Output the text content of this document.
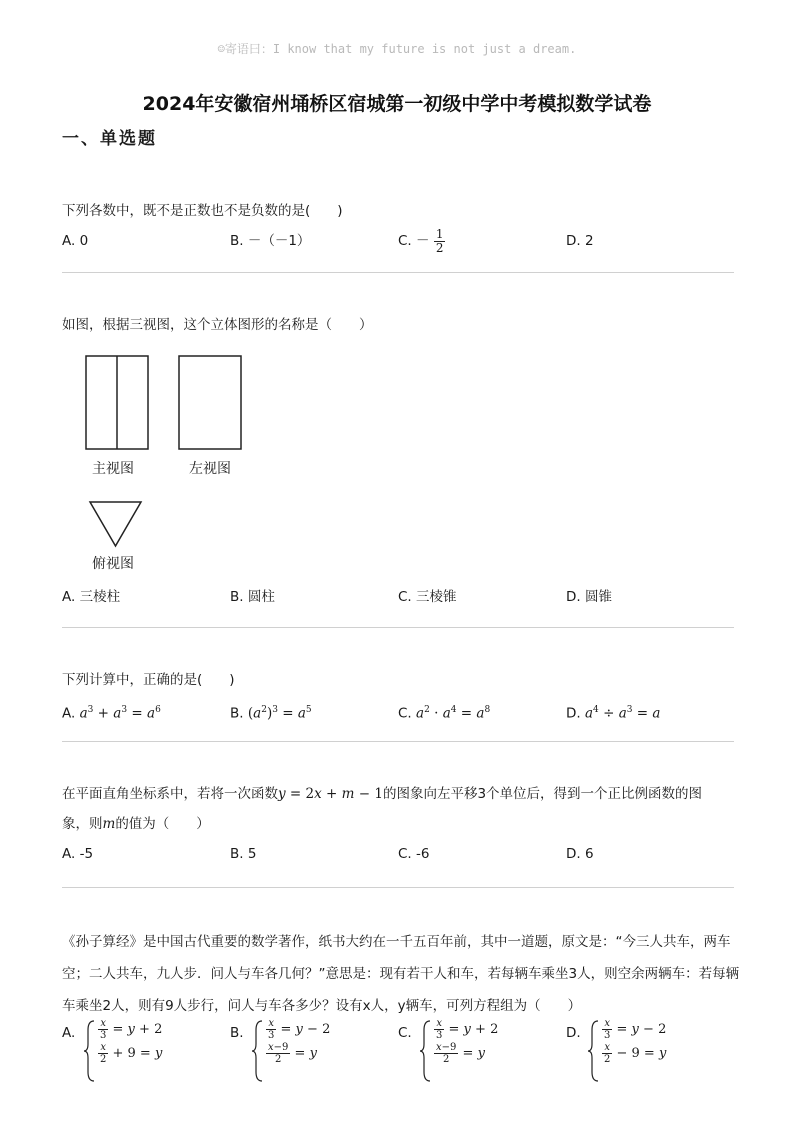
☺寄语曰：I know that my future is not just a dream.
2024年安徽宿州埇桥区宿城第一初级中学中考模拟数学试卷
一、单选题
下列各数中，既不是正数也不是负数的是(　　)
A. 0	B. －（－1）	C. － $\frac{1}{2}$	D. 2
如图，根据三视图，这个立体图形的名称是（　　）
主视图	左视图
俯视图
A. 三棱柱	B. 圆柱	C. 三棱锥	D. 圆锥
下列计算中，正确的是(　　)
A. $a^3 + a^3 = a^6$	B. $(a^2)^3 = a^5$	C. $a^2 \cdot a^4 = a^8$	D. $a^4 \div a^3 = a$
在平面直角坐标系中，若将一次函数y = 2x + m − 1的图象向左平移3个单位后，得到一个正比例函数的图
象，则m的值为（　　）
A. -5	B. 5	C. -6	D. 6
《孙子算经》是中国古代重要的数学著作，纸书大约在一千五百年前，其中一道题，原文是：“今三人共车，两车空；二人共车，九人步．问人与车各几何？”意思是：现有若干人和车，若每辆车乘坐3人，则空余两辆车：若每辆车乘坐2人，则有9人步行，问人与车各多少？设有x人，y辆车，可列方程组为（　　）
A. $\frac{x}{3} = y + 2$
$\frac{x}{2} + 9 = y$
B. $\frac{x}{3} = y - 2$
$\frac{x-9}{2} = y$
C. $\frac{x}{3} = y + 2$
$\frac{x-9}{2} = y$
D. $\frac{x}{3} = y - 2$
$\frac{x}{2} - 9 = y$
